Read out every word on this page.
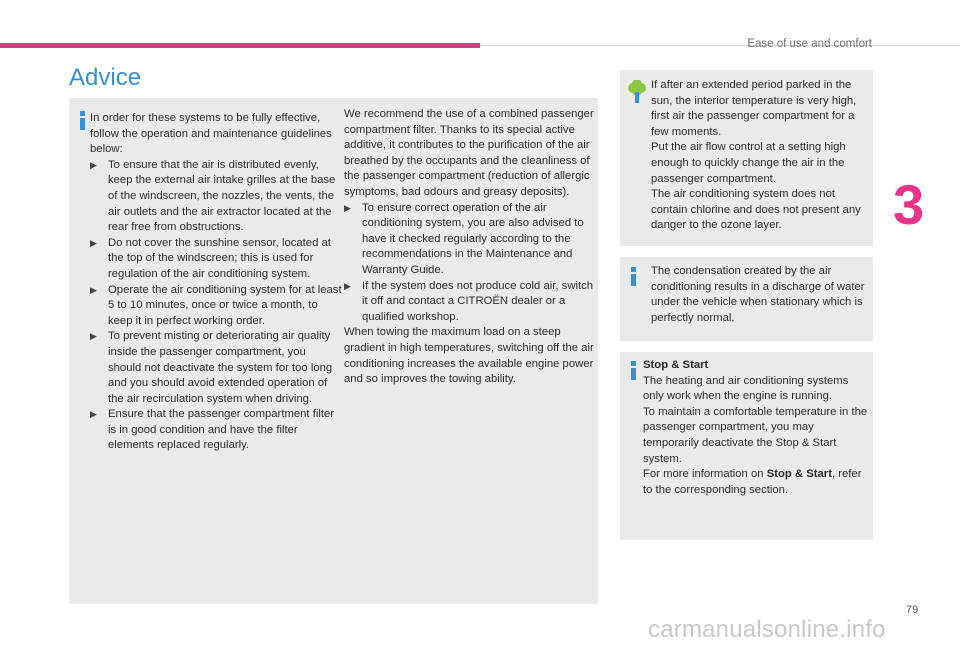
Ease of use and comfort
3
Advice
In order for these systems to be fully effective, follow the operation and maintenance guidelines below:
▶ To ensure that the air is distributed evenly, keep the external air intake grilles at the base of the windscreen, the nozzles, the vents, the air outlets and the air extractor located at the rear free from obstructions.
▶ Do not cover the sunshine sensor, located at the top of the windscreen; this is used for regulation of the air conditioning system.
▶ Operate the air conditioning system for at least 5 to 10 minutes, once or twice a month, to keep it in perfect working order.
▶ To prevent misting or deteriorating air quality inside the passenger compartment, you should not deactivate the system for too long and you should avoid extended operation of the air recirculation system when driving.
▶ Ensure that the passenger compartment filter is in good condition and have the filter elements replaced regularly.
We recommend the use of a combined passenger compartment filter. Thanks to its special active additive, it contributes to the purification of the air breathed by the occupants and the cleanliness of the passenger compartment (reduction of allergic symptoms, bad odours and greasy deposits).
▶ To ensure correct operation of the air conditioning system, you are also advised to have it checked regularly according to the recommendations in the Maintenance and Warranty Guide.
▶ If the system does not produce cold air, switch it off and contact a CITROËN dealer or a qualified workshop.
When towing the maximum load on a steep gradient in high temperatures, switching off the air conditioning increases the available engine power and so improves the towing ability.
If after an extended period parked in the sun, the interior temperature is very high, first air the passenger compartment for a few moments.
Put the air flow control at a setting high enough to quickly change the air in the passenger compartment.
The air conditioning system does not contain chlorine and does not present any danger to the ozone layer.
The condensation created by the air conditioning results in a discharge of water under the vehicle when stationary which is perfectly normal.
Stop & Start
The heating and air conditioning systems only work when the engine is running.
To maintain a comfortable temperature in the passenger compartment, you may temporarily deactivate the Stop & Start system.
For more information on Stop & Start, refer to the corresponding section.
79
carmanualsonline.info
